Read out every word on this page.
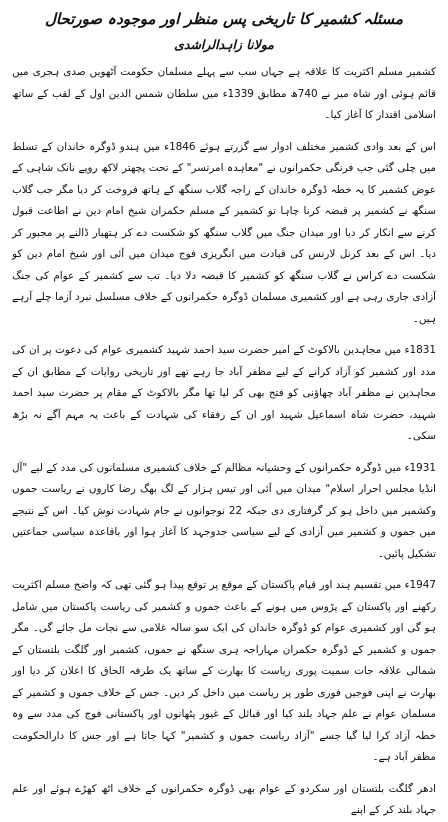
مسئلہ کشمیر کا تاریخی پس منظر اور موجودہ صورتحال
مولانا زاہدالراشدی

کشمیر مسلم اکثریت کا علاقہ ہے جہاں سب سے پہلے مسلمان حکومت آٹھویں صدی ہجری میں قائم ہوئی اور شاہ میر نے 740ھ مطابق 1339ء میں سلطان شمس الدین اول کے لقب کے ساتھ اسلامی اقتدار کا آغاز کیا۔

اس کے بعد وادی کشمیر مختلف ادوار سے گزرتے ہوئے 1846ء میں ہندو ڈوگرہ خاندان کے تسلط میں چلی گئی جب فرنگی حکمرانوں نے "معاہدہ امرتسر" کے تحت پچھتر لاکھ روپے نانک شاہی کے عوض کشمیر کا یہ خطہ ڈوگرہ خاندان کے راجہ گلاب سنگھ کے ہاتھ فروخت کر دیا مگر جب گلاب سنگھ نے کشمیر پر قبضہ کرنا چاہا تو کشمیر کے مسلم حکمران شیخ امام دین نے اطاعت قبول کرنے سے انکار کر دیا اور میدان جنگ میں گلاب سنگھ کو شکست دے کر ہتھیار ڈالنے پر مجبور کر دیا۔ اس کے بعد کرنل لارنس کی قیادت میں انگریزی فوج میدان میں آئی اور شیخ امام دین کو شکست دے کراس نے گلاب سنگھ کو کشمیر کا قبضہ دلا دیا۔ تب سے کشمیر کے عوام کی جنگ آزادی جاری رہی ہے اور کشمیری مسلمان ڈوگرہ حکمرانوں کے خلاف مسلسل نبرد آزما چلے آرہے ہیں۔

1831ء میں مجاہدین بالاکوٹ کے امیر حضرت سید احمد شہید کشمیری عوام کی دعوت پر ان کی مدد اور کشمیر کو آزاد کرانے کے لیے مظفر آباد جا رہے تھے اور تاریخی روایات کے مطابق ان کے مجاہدین نے مظفر آباد چھاؤنی کو فتح بھی کر لیا تھا مگر بالاکوٹ کے مقام پر حضرت سید احمد شہید، حضرت شاہ اسماعیل شہید اور ان کے رفقاء کی شہادت کے باعث یہ مہم آگے نہ بڑھ سکی۔

1931ء میں ڈوگرہ حکمرانوں کے وحشیانہ مظالم کے خلاف کشمیری مسلمانوں کی مدد کے لیے "آل انڈیا مجلس احرار اسلام" میدان میں آئی اور تیس ہزار کے لگ بھگ رضا کاروں نے ریاست جموں وکشمیر میں داخل ہو کر گرفتاری دی جبکہ 22 نوجوانوں نے جام شہادت نوش کیا۔ اس کے نتیجے میں جموں و کشمیر میں آزادی کے لیے سیاسی جدوجہد کا آغاز ہوا اور باقاعدہ سیاسی جماعتیں تشکیل پائیں۔

1947ء میں تقسیم ہند اور قیام پاکستان کے موقع پر توقع پیدا ہو گئی تھی کہ واضح مسلم اکثریت رکھنے اور پاکستان کے پڑوس میں ہونے کے باعث جموں و کشمیر کی ریاست پاکستان میں شامل ہو گی اور کشمیری عوام کو ڈوگرہ خاندان کی ایک سو سالہ غلامی سے نجات مل جائے گی۔ مگر جموں و کشمیر کے ڈوگرہ حکمران مہاراجہ ہری سنگھ نے جموں، کشمیر اور گلگت بلتستان کے شمالی علاقہ جات سمیت پوری ریاست کا بھارت کے ساتھ یک طرفہ الحاق کا اعلان کر دیا اور بھارت نے اپنی فوجیں فوری طور پر ریاست میں داخل کر دیں۔ جس کے خلاف جموں و کشمیر کے مسلمان عوام نے علم جہاد بلند کیا اور قبائل کے غیور پٹھانوں اور پاکستانی فوج کی مدد سے وہ خطہ آزاد کرا لیا گیا جسے "آزاد ریاست جموں و کشمیر" کہا جاتا ہے اور جس کا دارالحکومت مظفر آباد ہے۔

ادھر گلگت بلتستان اور سکردو کے عوام بھی ڈوگرہ حکمرانوں کے خلاف اٹھ کھڑے ہوئے اور علم جہاد بلند کر کے اپنے
